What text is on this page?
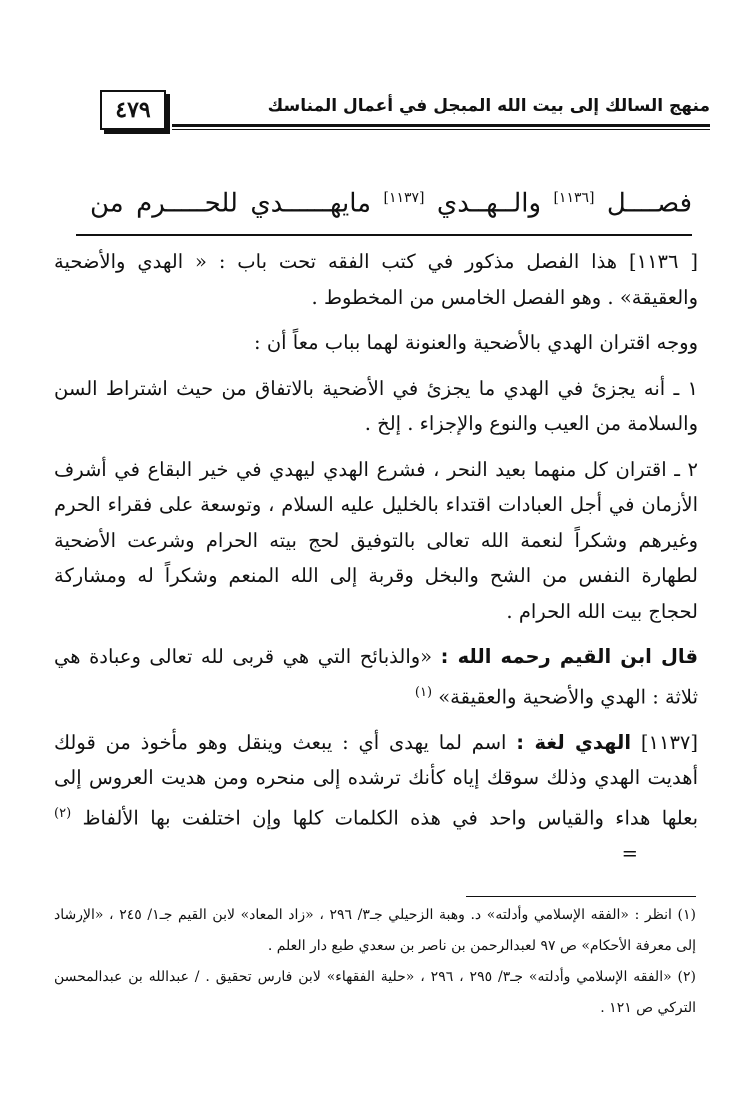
منهج السالك إلى بيت الله المبجل في أعمال المناسك
٤٧٩
فصــــل [١١٣٦] والــهــدي [١١٣٧] مايهــــــدي للحـــــرم من

[ ١١٣٦] هذا الفصل مذكور في كتب الفقه تحت باب : « الهدي والأضحية والعقيقة» . وهو الفصل الخامس من المخطوط .

ووجه اقتران الهدي بالأضحية والعنونة لهما بباب معاً أن :

١ ـ أنه يجزئ في الهدي ما يجزئ في الأضحية بالاتفاق من حيث اشتراط السن والسلامة من العيب والنوع والإجزاء . إلخ .

٢ ـ اقتران كل منهما بعيد النحر ، فشرع الهدي ليهدي في خير البقاع في أشرف الأزمان في أجل العبادات اقتداء بالخليل عليه السلام ، وتوسعة على فقراء الحرم وغيرهم وشكراً لنعمة الله تعالى بالتوفيق لحج بيته الحرام وشرعت الأضحية لطهارة النفس من الشح والبخل وقربة إلى الله المنعم وشكراً له ومشاركة لحجاج بيت الله الحرام .

قال ابن القيم رحمه الله : «والذبائح التي هي قربى لله تعالى وعبادة هي ثلاثة : الهدي والأضحية والعقيقة» $^{(١)}$

[١١٣٧] الهدي لغة : اسم لما يهدى أي : يبعث وينقل وهو مأخوذ من قولك أهديت الهدي وذلك سوقك إياه كأنك ترشده إلى منحره ومن هديت العروس إلى بعلها هداء والقياس واحد في هذه الكلمات كلها وإن اختلفت بها الألفاظ $^{(٢)}$ =

(١) انظر : «الفقه الإسلامي وأدلته» د. وهبة الزحيلي جـ٣/ ٢٩٦ ، «زاد المعاد» لابن القيم جـ١/ ٢٤٥ ، «الإرشاد إلى معرفة الأحكام» ص ٩٧ لعبدالرحمن بن ناصر بن سعدي طبع دار العلم .

(٢) «الفقه الإسلامي وأدلته» جـ٣/ ٢٩٥ ، ٢٩٦ ، «حلية الفقهاء» لابن فارس تحقيق . / عبدالله بن عبدالمحسن التركي ص ١٢١ .
